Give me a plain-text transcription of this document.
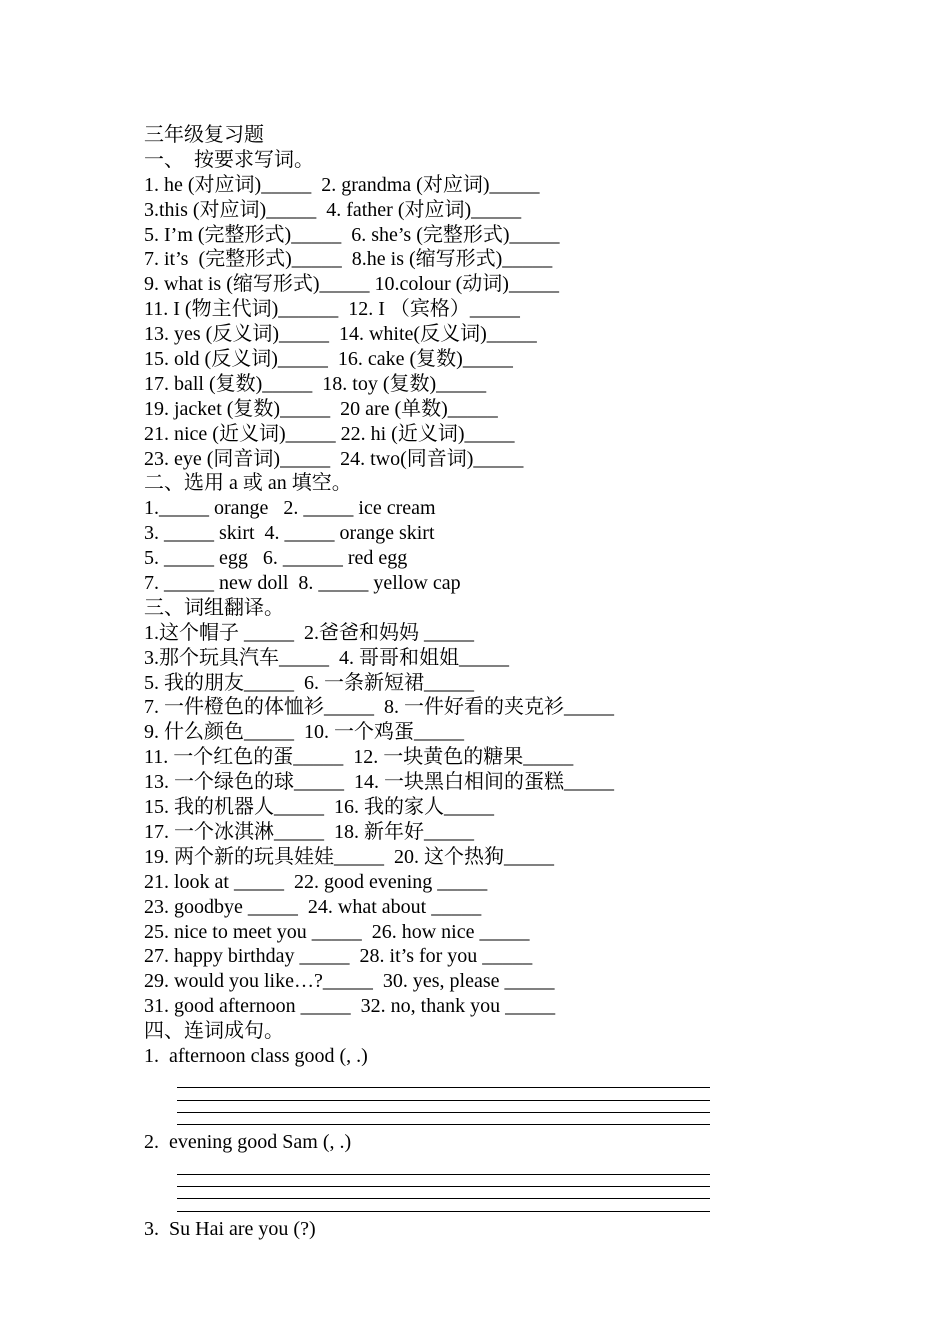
三年级复习题
一、  按要求写词。
1. he (对应词)_____  2. grandma (对应词)_____
3.this (对应词)_____  4. father (对应词)_____
5. I’m (完整形式)_____  6. she’s (完整形式)_____
7. it’s  (完整形式)_____  8.he is (缩写形式)_____
9. what is (缩写形式)_____ 10.colour (动词)_____
11. I (物主代词)______  12. I （宾格）_____
13. yes (反义词)_____  14. white(反义词)_____
15. old (反义词)_____  16. cake (复数)_____
17. ball (复数)_____  18. toy (复数)_____
19. jacket (复数)_____  20 are (单数)_____
21. nice (近义词)_____ 22. hi (近义词)_____
23. eye (同音词)_____  24. two(同音词)_____
二、选用 a 或 an 填空。
1._____ orange   2. _____ ice cream
3. _____ skirt  4. _____ orange skirt
5. _____ egg   6. ______ red egg
7. _____ new doll  8. _____ yellow cap
三、词组翻译。
1.这个帽子 _____  2.爸爸和妈妈 _____
3.那个玩具汽车_____  4. 哥哥和姐姐_____
5. 我的朋友_____  6. 一条新短裙_____
7. 一件橙色的体恤衫_____  8. 一件好看的夹克衫_____
9. 什么颜色_____  10. 一个鸡蛋_____
11. 一个红色的蛋_____  12. 一块黄色的糖果_____
13. 一个绿色的球_____  14. 一块黑白相间的蛋糕_____
15. 我的机器人_____  16. 我的家人_____
17. 一个冰淇淋_____  18. 新年好_____
19. 两个新的玩具娃娃_____  20. 这个热狗_____
21. look at _____  22. good evening _____
23. goodbye _____  24. what about _____
25. nice to meet you _____  26. how nice _____
27. happy birthday _____  28. it’s for you _____
29. would you like…?_____  30. yes, please _____
31. good afternoon _____  32. no, thank you _____
四、连词成句。
1.  afternoon class good (, .)
2.  evening good Sam (, .)
3.  Su Hai are you (?)
